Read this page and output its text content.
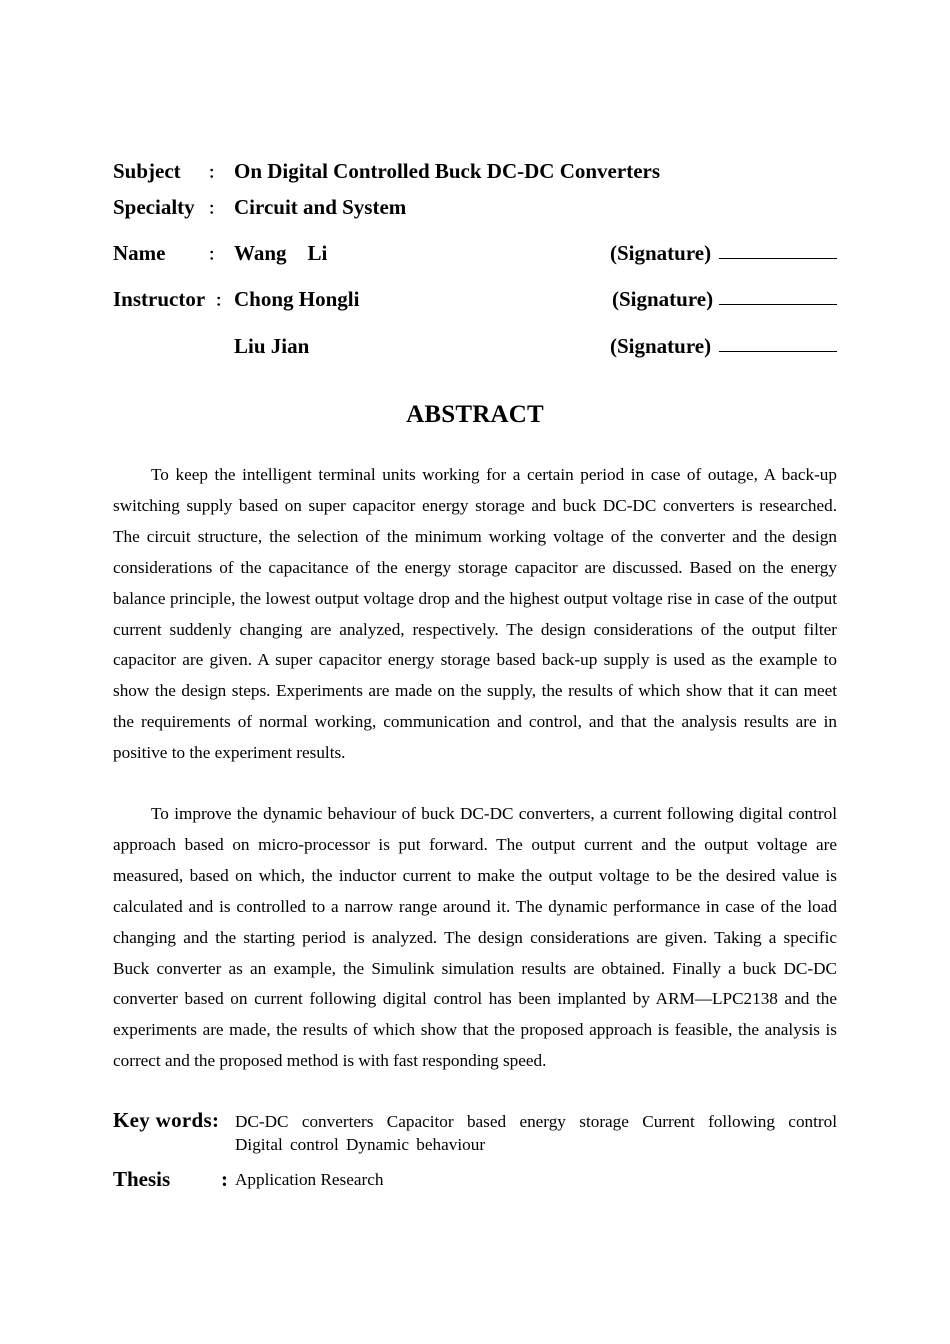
Subject ： On Digital Controlled Buck DC-DC Converters
Specialty ： Circuit and System
Name	： Wang    Li	(Signature)
Instructor ： Chong Hongli	(Signature)
Liu Jian	(Signature)
ABSTRACT
To keep the intelligent terminal units working for a certain period in case of outage, A back-up switching supply based on super capacitor energy storage and buck DC-DC converters is researched. The circuit structure, the selection of the minimum working voltage of the converter and the design considerations of the capacitance of the energy storage capacitor are discussed. Based on the energy balance principle, the lowest output voltage drop and the highest output voltage rise in case of the output current suddenly changing are analyzed, respectively. The design considerations of the output filter capacitor are given. A super capacitor energy storage based back-up supply is used as the example to show the design steps. Experiments are made on the supply, the results of which show that it can meet the requirements of normal working, communication and control, and that the analysis results are in positive to the experiment results.
To improve the dynamic behaviour of buck DC-DC converters, a current following digital control approach based on micro-processor is put forward. The output current and the output voltage are measured, based on which, the inductor current to make the output voltage to be the desired value is calculated and is controlled to a narrow range around it. The dynamic performance in case of the load changing and the starting period is analyzed. The design considerations are given. Taking a specific Buck converter as an example, the Simulink simulation results are obtained. Finally a buck DC-DC converter based on current following digital control has been implanted by ARM—LPC2138 and the experiments are made, the results of which show that the proposed approach is feasible, the analysis is correct and the proposed method is with fast responding speed.
Key words: DC-DC converters Capacitor based energy storage Current following control Digital control Dynamic behaviour
Thesis : Application Research
